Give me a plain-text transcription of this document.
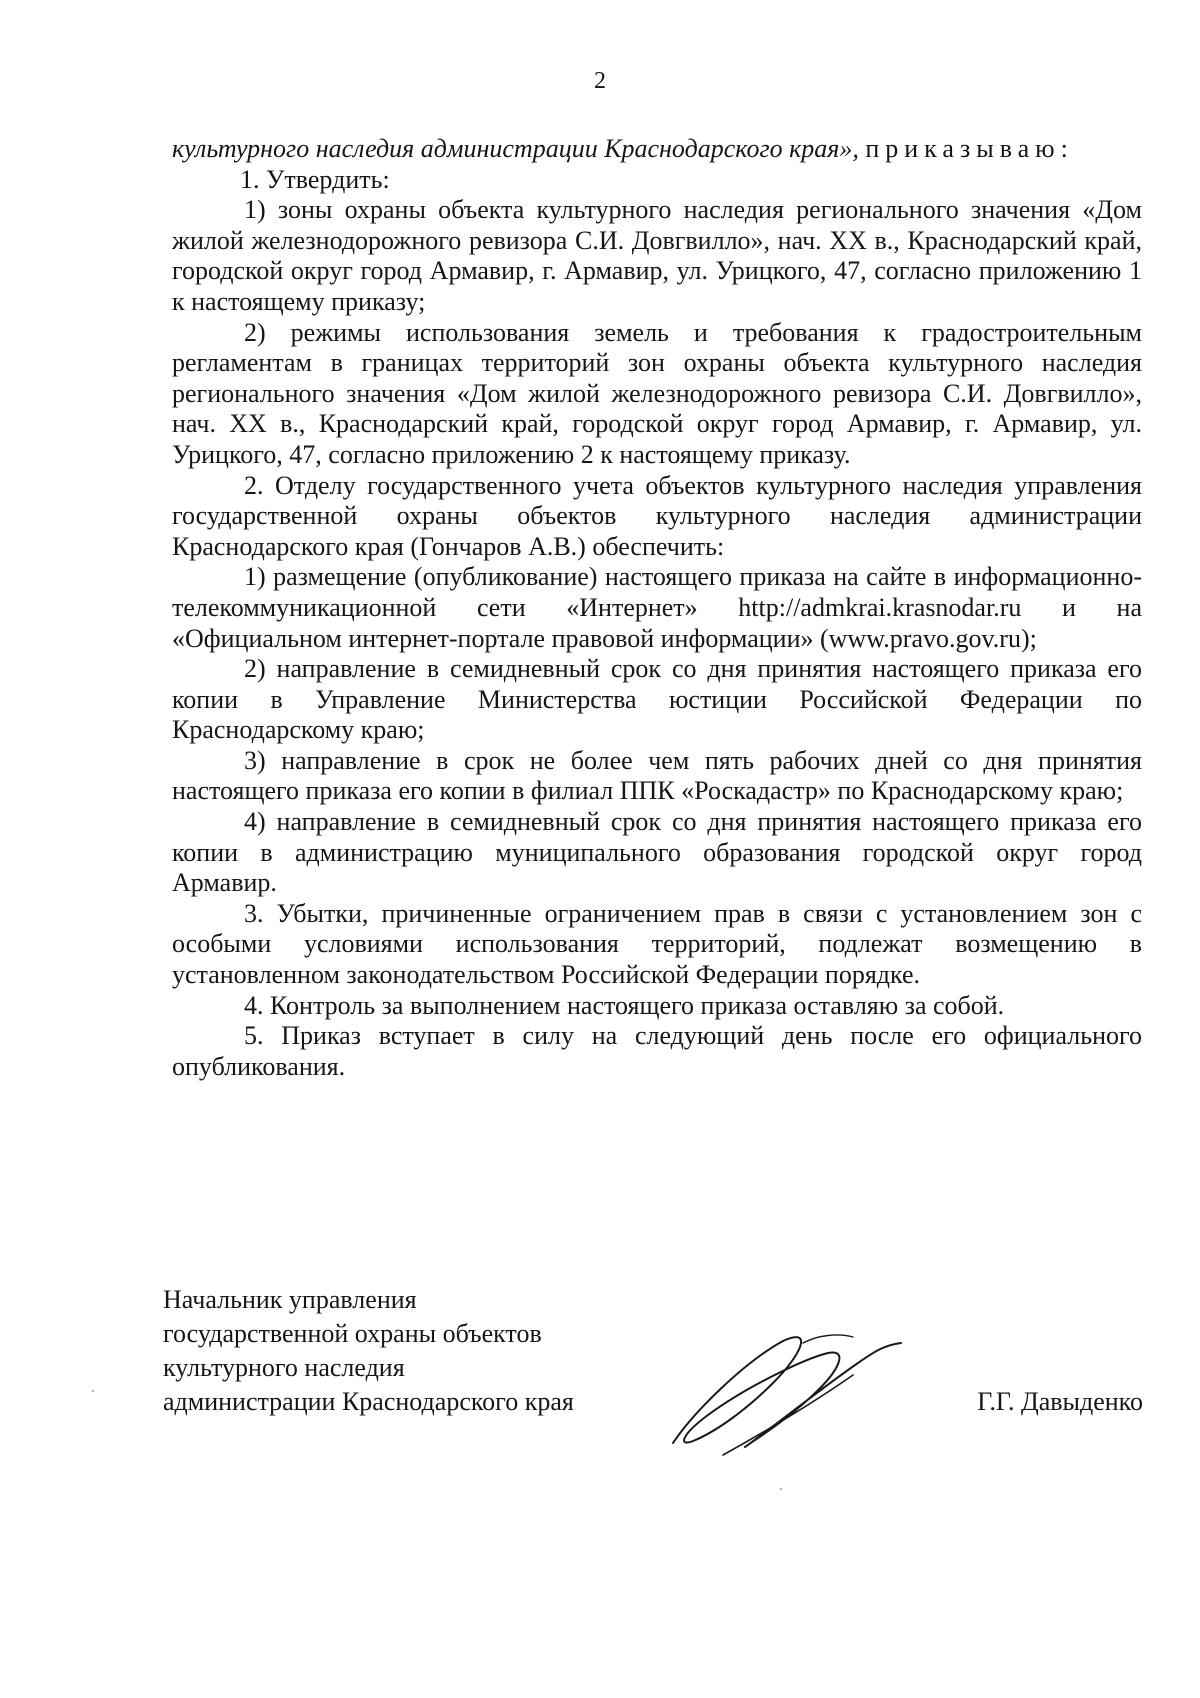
2

культурного наследия администрации Краснодарского края», приказываю:

1. Утвердить:

1) зоны охраны объекта культурного наследия регионального значения «Дом жилой железнодорожного ревизора С.И. Довгвилло», нач. XX в., Краснодарский край, городской округ город Армавир, г. Армавир, ул. Урицкого, 47, согласно приложению 1 к настоящему приказу;

2) режимы использования земель и требования к градостроительным регламентам в границах территорий зон охраны объекта культурного наследия регионального значения «Дом жилой железнодорожного ревизора С.И. Довгвилло», нач. XX в., Краснодарский край, городской округ город Армавир, г. Армавир, ул. Урицкого, 47, согласно приложению 2 к настоящему приказу.

2. Отделу государственного учета объектов культурного наследия управления государственной охраны объектов культурного наследия администрации Краснодарского края (Гончаров А.В.) обеспечить:

1) размещение (опубликование) настоящего приказа на сайте в информационно-телекоммуникационной сети «Интернет» http://admkrai.krasnodar.ru и на «Официальном интернет-портале правовой информации» (www.pravo.gov.ru);

2) направление в семидневный срок со дня принятия настоящего приказа его копии в Управление Министерства юстиции Российской Федерации по Краснодарскому краю;

3) направление в срок не более чем пять рабочих дней со дня принятия настоящего приказа его копии в филиал ППК «Роскадастр» по Краснодарскому краю;

4) направление в семидневный срок со дня принятия настоящего приказа его копии в администрацию муниципального образования городской округ город Армавир.

3. Убытки, причиненные ограничением прав в связи с установлением зон с особыми условиями использования территорий, подлежат возмещению в установленном законодательством Российской Федерации порядке.

4. Контроль за выполнением настоящего приказа оставляю за собой.

5. Приказ вступает в силу на следующий день после его официального опубликования.

Начальник управления
государственной охраны объектов
культурного наследия
администрации Краснодарского края	Г.Г. Давыденко
